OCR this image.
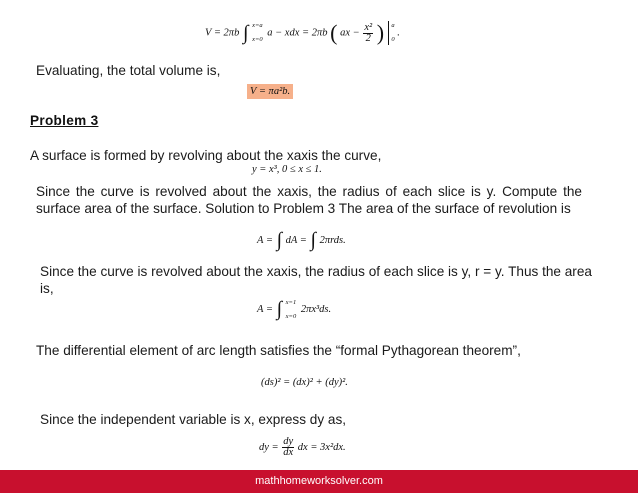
V = 2πb ∫ x=a
x=0
a − xdx = 2πb ( ax − $\frac{\text{x²}}{2}$ ) a
0
.
Evaluating, the total volume is,
V = πa²b.
Problem 3
A surface is formed by revolving about the xaxis the curve,
y = x³, 0 ≤ x ≤ 1.
Since the curve is revolved about the xaxis, the radius of each slice is y. Compute the surface area of the surface. Solution to Problem 3 The area of the surface of revolution is
A = ∫ dA = ∫ 2πrds.
Since the curve is revolved about the xaxis, the radius of each slice is y, r = y. Thus the area is,
A = ∫ x=1
x=0
2πx³ds.
The differential element of arc length satisfies the “formal Pythagorean theorem”,
(ds)² = (dx)² + (dy)².
Since the independent variable is x, express dy as,
dy = $\frac{dy}{dx}$ dx = 3x²dx.
mathhomeworksolver.com
